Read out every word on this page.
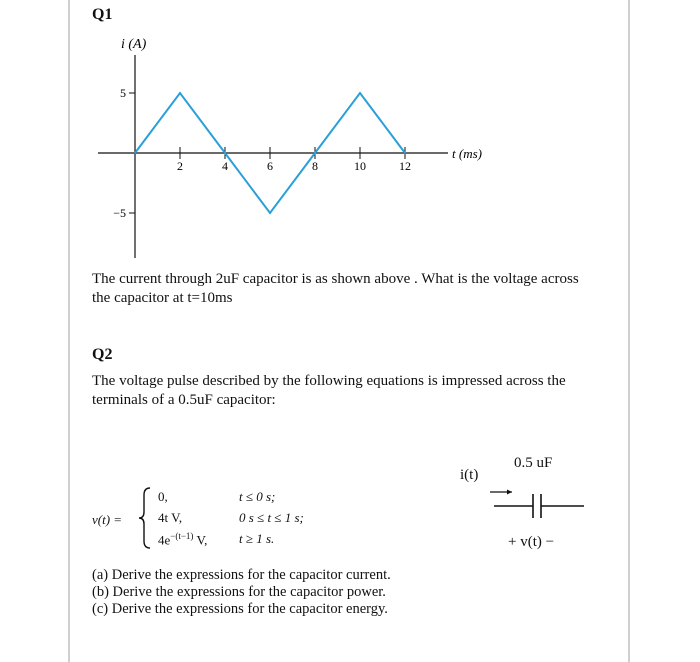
Q1
i (A)
t (ms)
2	4	6	8	10	12
5
−5
The current through 2uF capacitor is as shown above . What is the voltage across
the capacitor at t=10ms
Q2
The voltage pulse described by the following equations is impressed across the
terminals of a 0.5uF capacitor:
v(t) =
0,	t ≤ 0 s;
4t V,	0 s ≤ t ≤ 1 s;
$4e^{-(t-1)}$ V, t ≥ 1 s.
0.5 uF
i(t)
+ v(t) −
(a) Derive the expressions for the capacitor current.
(b) Derive the expressions for the capacitor power.
(c) Derive the expressions for the capacitor energy.
